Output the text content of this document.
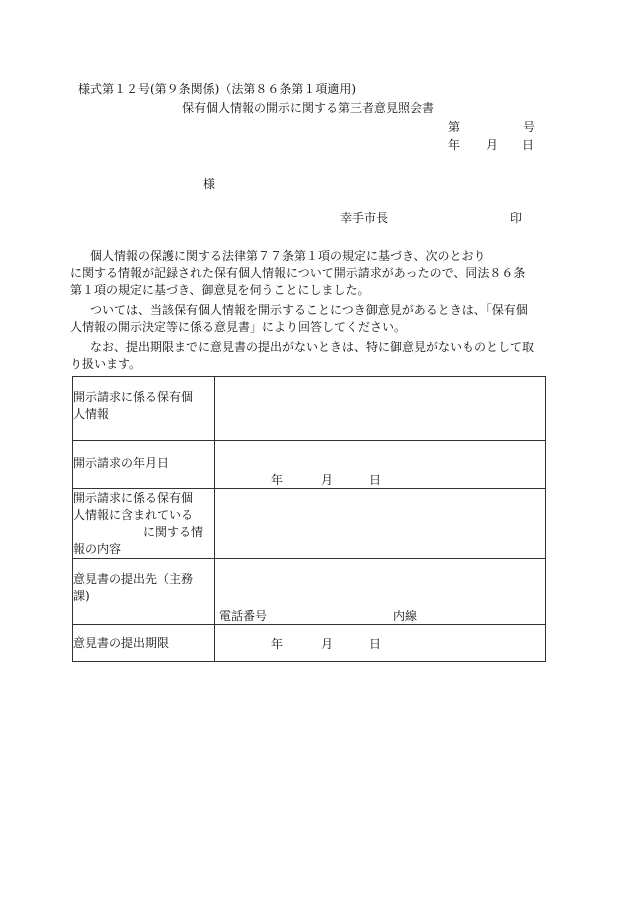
様式第１２号(第９条関係)（法第８６条第１項適用)
保有個人情報の開示に関する第三者意見照会書
第	号
年 月 日
様
幸手市長	印
　個人情報の保護に関する法律第７７条第１項の規定に基づき、次のとおり
に関する情報が記録された保有個人情報について開示請求があったので、同法８６条
第１項の規定に基づき、御意見を伺うことにしました。
　ついては、当該保有個人情報を開示することにつき御意見があるときは、「保有個
人情報の開示決定等に係る意見書」により回答してください。
　なお、提出期限までに意見書の提出がないときは、特に御意見がないものとして取
り扱います。
開示請求に係る保有個
人情報	

開示請求の年月日	年 月 日

開示請求に係る保有個
人情報に含まれている
に関する情
報の内容	

意見書の提出先（主務
課)	電話番号 内線

意見書の提出期限	年 月 日
